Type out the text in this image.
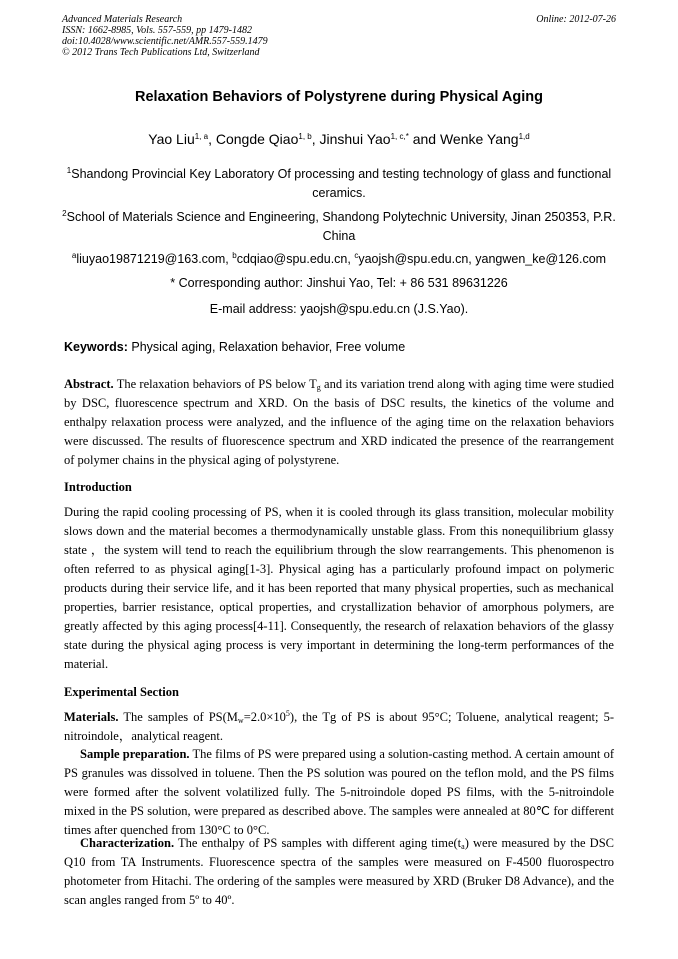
Advanced Materials Research
ISSN: 1662-8985, Vols. 557-559, pp 1479-1482
doi:10.4028/www.scientific.net/AMR.557-559.1479
© 2012 Trans Tech Publications Ltd, Switzerland
Online: 2012-07-26
Relaxation Behaviors of Polystyrene during Physical Aging
Yao Liu$^{1, a}$, Congde Qiao$^{1, b}$, Jinshui Yao$^{1, c,*}$ and Wenke Yang$^{1,d}$
$^1$Shandong Provincial Key Laboratory Of processing and testing technology of glass and functional ceramics.
$^2$School of Materials Science and Engineering, Shandong Polytechnic University, Jinan 250353, P.R. China
$^a$liuyao19871219@163.com, $^b$cdqiao@spu.edu.cn, $^c$yaojsh@spu.edu.cn, yangwen_ke@126.com
* Corresponding author: Jinshui Yao, Tel: + 86 531 89631226
E-mail address: yaojsh@spu.edu.cn (J.S.Yao).
Keywords: Physical aging, Relaxation behavior, Free volume
Abstract. The relaxation behaviors of PS below $T_g$ and its variation trend along with aging time were studied by DSC, fluorescence spectrum and XRD. On the basis of DSC results, the kinetics of the volume and enthalpy relaxation process were analyzed, and the influence of the aging time on the relaxation behaviors were discussed. The results of fluorescence spectrum and XRD indicated the presence of the rearrangement of polymer chains in the physical aging of polystyrene.
Introduction
During the rapid cooling processing of PS, when it is cooled through its glass transition, molecular mobility slows down and the material becomes a thermodynamically unstable glass. From this nonequilibrium glassy state ，the system will tend to reach the equilibrium through the slow rearrangements. This phenomenon is often referred to as physical aging[1-3]. Physical aging has a particularly profound impact on polymeric products during their service life, and it has been reported that many physical properties, such as mechanical properties, barrier resistance, optical properties, and crystallization behavior of amorphous polymers, are greatly affected by this aging process[4-11]. Consequently, the research of relaxation behaviors of the glassy state during the physical aging process is very important in determining the long-term performances of the material.
Experimental Section
Materials. The samples of $PS(M_w=2.0\times 10^5)$, the Tg of PS is about 95°C; Toluene, analytical reagent; 5-nitroindole，analytical reagent.
Sample preparation. The films of PS were prepared using a solution-casting method. A certain amount of PS granules was dissolved in toluene. Then the PS solution was poured on the teflon mold, and the PS films were formed after the solvent volatilized fully. The 5-nitroindole doped PS films, with the 5-nitroindole mixed in the PS solution, were prepared as described above. The samples were annealed at 80℃ for different times after quenched from 130°C to 0°C.
Characterization. The enthalpy of PS samples with different aging $time(t_a)$ were measured by the DSC Q10 from TA Instruments. Fluorescence spectra of the samples were measured on F-4500 fluorospectro photometer from Hitachi. The ordering of the samples were measured by XRD (Bruker D8 Advance), and the scan angles ranged from 5º to 40º.
